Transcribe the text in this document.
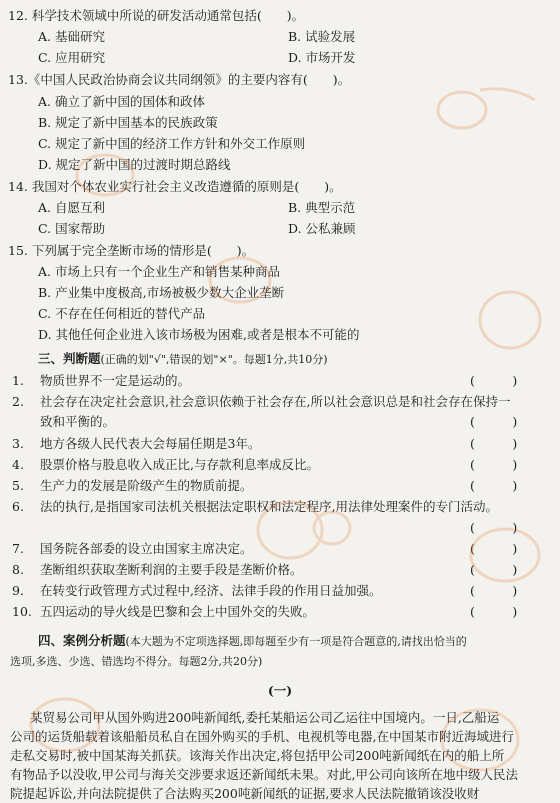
12. 科学技术领域中所说的研发活动通常包括(　　)。
A. 基础研究	B. 试验发展
C. 应用研究	D. 市场开发
13.《中国人民政治协商会议共同纲领》的主要内容有(　　)。
A. 确立了新中国的国体和政体
B. 规定了新中国基本的民族政策
C. 规定了新中国的经济工作方针和外交工作原则
D. 规定了新中国的过渡时期总路线
14. 我国对个体农业实行社会主义改造遵循的原则是(　　)。
A. 自愿互利	B. 典型示范
C. 国家帮助	D. 公私兼顾
15. 下列属于完全垄断市场的情形是(　　)。
A. 市场上只有一个企业生产和销售某种商品
B. 产业集中度极高,市场被极少数大企业垄断
C. 不存在任何相近的替代产品
D. 其他任何企业进入该市场极为困难,或者是根本不可能的
三、判断题(正确的划"√",错误的划"×"。每题1分,共10分)
1. 物质世界不一定是运动的。	(　　　)
2. 社会存在决定社会意识,社会意识依赖于社会存在,所以社会意识总是和社会存在保持一
致和平衡的。	(　　　)
3. 地方各级人民代表大会每届任期是3年。	(　　　)
4. 股票价格与股息收入成正比,与存款利息率成反比。	(　　　)
5. 生产力的发展是阶级产生的物质前提。	(　　　)
6. 法的执行,是指国家司法机关根据法定职权和法定程序,用法律处理案件的专门活动。
(　　　)
7. 国务院各部委的设立由国家主席决定。	(　　　)
8. 垄断组织获取垄断利润的主要手段是垄断价格。	(　　　)
9. 在转变行政管理方式过程中,经济、法律手段的作用日益加强。	(　　　)
10. 五四运动的导火线是巴黎和会上中国外交的失败。	(　　　)
四、案例分析题(本大题为不定项选择题,即每题至少有一项是符合题意的,请找出恰当的
选项,多选、少选、错选均不得分。每题2分,共20分)
(一)
某贸易公司甲从国外购进200吨新闻纸,委托某船运公司乙运往中国境内。一日,乙船运
公司的运货船载着该船船员私自在国外购买的手机、电视机等电器,在中国某市附近海域进行
走私交易时,被中国某海关抓获。该海关作出决定,将包括甲公司200吨新闻纸在内的船上所
有物品予以没收,甲公司与海关交涉要求返还新闻纸未果。对此,甲公司向该所在地中级人民法
院提起诉讼,并向法院提供了合法购买200吨新闻纸的证据,要求人民法院撤销该没收财
